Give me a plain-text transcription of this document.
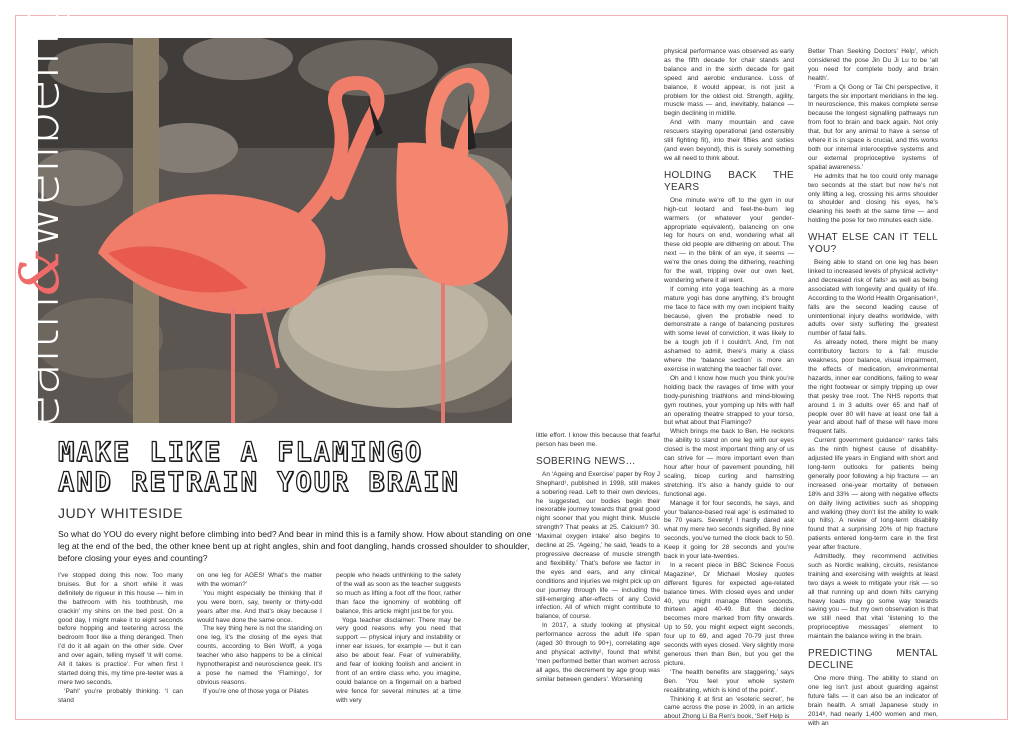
health&wellbeing
MAKE LIKE A FLAMINGO
AND RETRAIN YOUR BRAIN
JUDY WHITESIDE
So what do YOU do every night before climbing into bed? And bear in mind this is a family show. How about standing on one leg at the end of the bed, the other knee bent up at right angles, shin and foot dangling, hands crossed shoulder to shoulder, before closing your eyes and counting?

I’ve stopped doing this now. Too many bruises. But for a short while it was definitely de rigueur in this house — him in the bathroom with his toothbrush, me crackin’ my shins on the bed post. On a good day, I might make it to eight seconds before hopping and teetering across the bedroom floor like a thing deranged. Then I’d do it all again on the other side. Over and over again, telling myself ‘it will come. All it takes is practice’. For when first I started doing this, my time pre-teeter was a mere two seconds.

‘Pah!’ you’re probably thinking. ‘I can stand

on one leg for AGES! What’s the matter with the woman?’

You might especially be thinking that if you were born, say, twenty or thirty-odd years after me. And that’s okay because I would have done the same once.

The key thing here is not the standing on one leg, it’s the closing of the eyes that counts, according to Ben Wolff, a yoga teacher who also happens to be a clinical hypnotherapist and neuroscience geek. It’s a pose he named the ‘Flamingo’, for obvious reasons.

If you’re one of those yoga or Pilates

people who heads unthinking to the safety of the wall as soon as the teacher suggests so much as lifting a foot off the floor, rather than face the ignominy of wobbling off balance, this article might just be for you.

Yoga teacher disclaimer: There may be very good reasons why you need that support — physical injury and instability or inner ear issues, for example — but it can also be about fear. Fear of vulnerability, and fear of looking foolish and ancient in front of an entire class who, you imagine, could balance on a fingernail on a barbed wire fence for several minutes at a time with very

little effort. I know this because that fearful person has been me.

SOBERING NEWS…

An ‘Ageing and Exercise’ paper by Roy J Shephard¹, published in 1998, still makes a sobering read. Left to their own devices, he suggested, our bodies begin their inexorable journey towards that great good night sooner that you might think. Muscle strength? That peaks at 25. Calcium? 30. ‘Maximal oxygen intake’ also begins to decline at 25. ‘Ageing,’ he said, ‘leads to a progressive decrease of muscle strength and flexibility.’ That’s before we factor in the eyes and ears, and any clinical conditions and injuries we might pick up on our journey through life — including the still-emerging after-effects of any Covid infection. All of which might contribute to balance, of course.

In 2017, a study looking at physical performance across the adult life span (aged 30 through to 90+), correlating age and physical activity², found that whilst ‘men performed better than women across all ages, the decrement by age group was similar between genders’. Worsening

physical performance was observed as early as the fifth decade for chair stands and balance and in the sixth decade for gait speed and aerobic endurance. Loss of balance, it would appear, is not just a problem for the oldest old. Strength, agility, muscle mass — and, inevitably, balance — begin declining in midlife.

And with many mountain and cave rescuers staying operational (and ostensibly still fighting fit), into their fifties and sixties (and even beyond), this is surely something we all need to think about.

HOLDING BACK THE YEARS

One minute we’re off to the gym in our high-cut leotard and feel-the-burn leg warmers (or whatever your gender-appropriate equivalent), balancing on one leg for hours on end, wondering what all these old people are dithering on about. The next — in the blink of an eye, it seems — we’re the ones doing the dithering, reaching for the wall, tripping over our own feet, wondering where it all went.

If coming into yoga teaching as a more mature yogi has done anything, it’s brought me face to face with my own incipient frailty because, given the probable need to demonstrate a range of balancing postures with some level of conviction, it was likely to be a tough job if I couldn’t. And, I’m not ashamed to admit, there’s many a class where the ‘balance section’ is more an exercise in watching the teacher fall over.

Oh and I know how much you think you’re holding back the ravages of time with your body-punishing triathlons and mind-blowing gym routines, your yomping up hills with half an operating theatre strapped to your torso, but what about that Flamingo?

Which brings me back to Ben. He reckons the ability to stand on one leg with our eyes closed is the most important thing any of us can strive for — more important even than hour after hour of pavement pounding, hill scaling, bicep curling and hamstring stretching. It’s also a handy guide to our functional age.

Manage it for four seconds, he says, and your ‘balance-based real age’ is estimated to be 70 years. Seventy! I hardly dared ask what my mere two seconds signified. By nine seconds, you’ve turned the clock back to 50. Keep it going for 28 seconds and you’re back in your late-twenties.

In a recent piece in BBC Science Focus Magazine³, Dr Michael Mosley quotes different figures for expected age-related balance times. With closed eyes and under 40, you might manage fifteen seconds, thirteen aged 40-49. But the decline becomes more marked from fifty onwards. Up to 59, you might expect eight seconds, four up to 69, and aged 70-79 just three seconds with eyes closed. Very slightly more generous then than Ben, but you get the picture.

‘The health benefits are staggering,’ says Ben. ‘You feel your whole system recalibrating, which is kind of the point’.

Thinking it at first an ‘esoteric secret’, he came across the pose in 2009, in an article about Zhong Li Ba Ren’s book, ‘Self Help is

Better Than Seeking Doctors’ Help’, which considered the pose Jin Du Ji Lu to be ‘all you need for complete body and brain health’.

‘From a Qi Gong or Tai Chi perspective, it targets the six important meridians in the leg. In neuroscience, this makes complete sense because the longest signalling pathways run from foot to brain and back again. Not only that, but for any animal to have a sense of where it is in space is crucial, and this works both our internal interoceptive systems and our external proprioceptive systems of spatial awareness.’

He admits that he too could only manage two seconds at the start but now he’s not only lifting a leg, crossing his arms shoulder to shoulder and closing his eyes, he’s cleaning his teeth at the same time — and holding the pose for two minutes each side.

WHAT ELSE CAN IT TELL YOU?

Being able to stand on one leg has been linked to increased levels of physical activity⁴ and decreased risk of falls⁵ as well as being associated with longevity and quality of life. According to the World Health Organisation⁶, falls are the second leading cause of unintentional injury deaths worldwide, with adults over sixty suffering the greatest number of fatal falls.

As already noted, there might be many contributory factors to a fall: muscle weakness, poor balance, visual impairment, the effects of medication, environmental hazards, inner ear conditions, failing to wear the right footwear or simply tripping up over that pesky tree root. The NHS reports that around 1 in 3 adults over 65 and half of people over 80 will have at least one fall a year and about half of these will have more frequent falls.

Current government guidance⁷ ranks falls as the ninth highest cause of disability-adjusted life years in England with short and long-term outlooks for patients being generally poor following a hip fracture — an increased one-year mortality of between 18% and 33% — along with negative effects on daily living activities such as shopping and walking (they don’t list the ability to walk up hills). A review of long-term disability found that a surprising 20% of hip fracture patients entered long-term care in the first year after fracture.

Admittedly, they recommend activities such as Nordic walking, circuits, resistance training and exercising with weights at least two days a week to mitigate your risk — so all that running up and down hills carrying heavy loads may go some way towards saving you — but my own observation is that we still need that vital ‘listening to the proprioceptive messages’ element to maintain the balance wiring in the brain.

PREDICTING MENTAL DECLINE

One more thing. The ability to stand on one leg isn’t just about guarding against future falls — it can also be an indicator of brain health. A small Japanese study in 2014⁸, had nearly 1,400 women and men, with an
